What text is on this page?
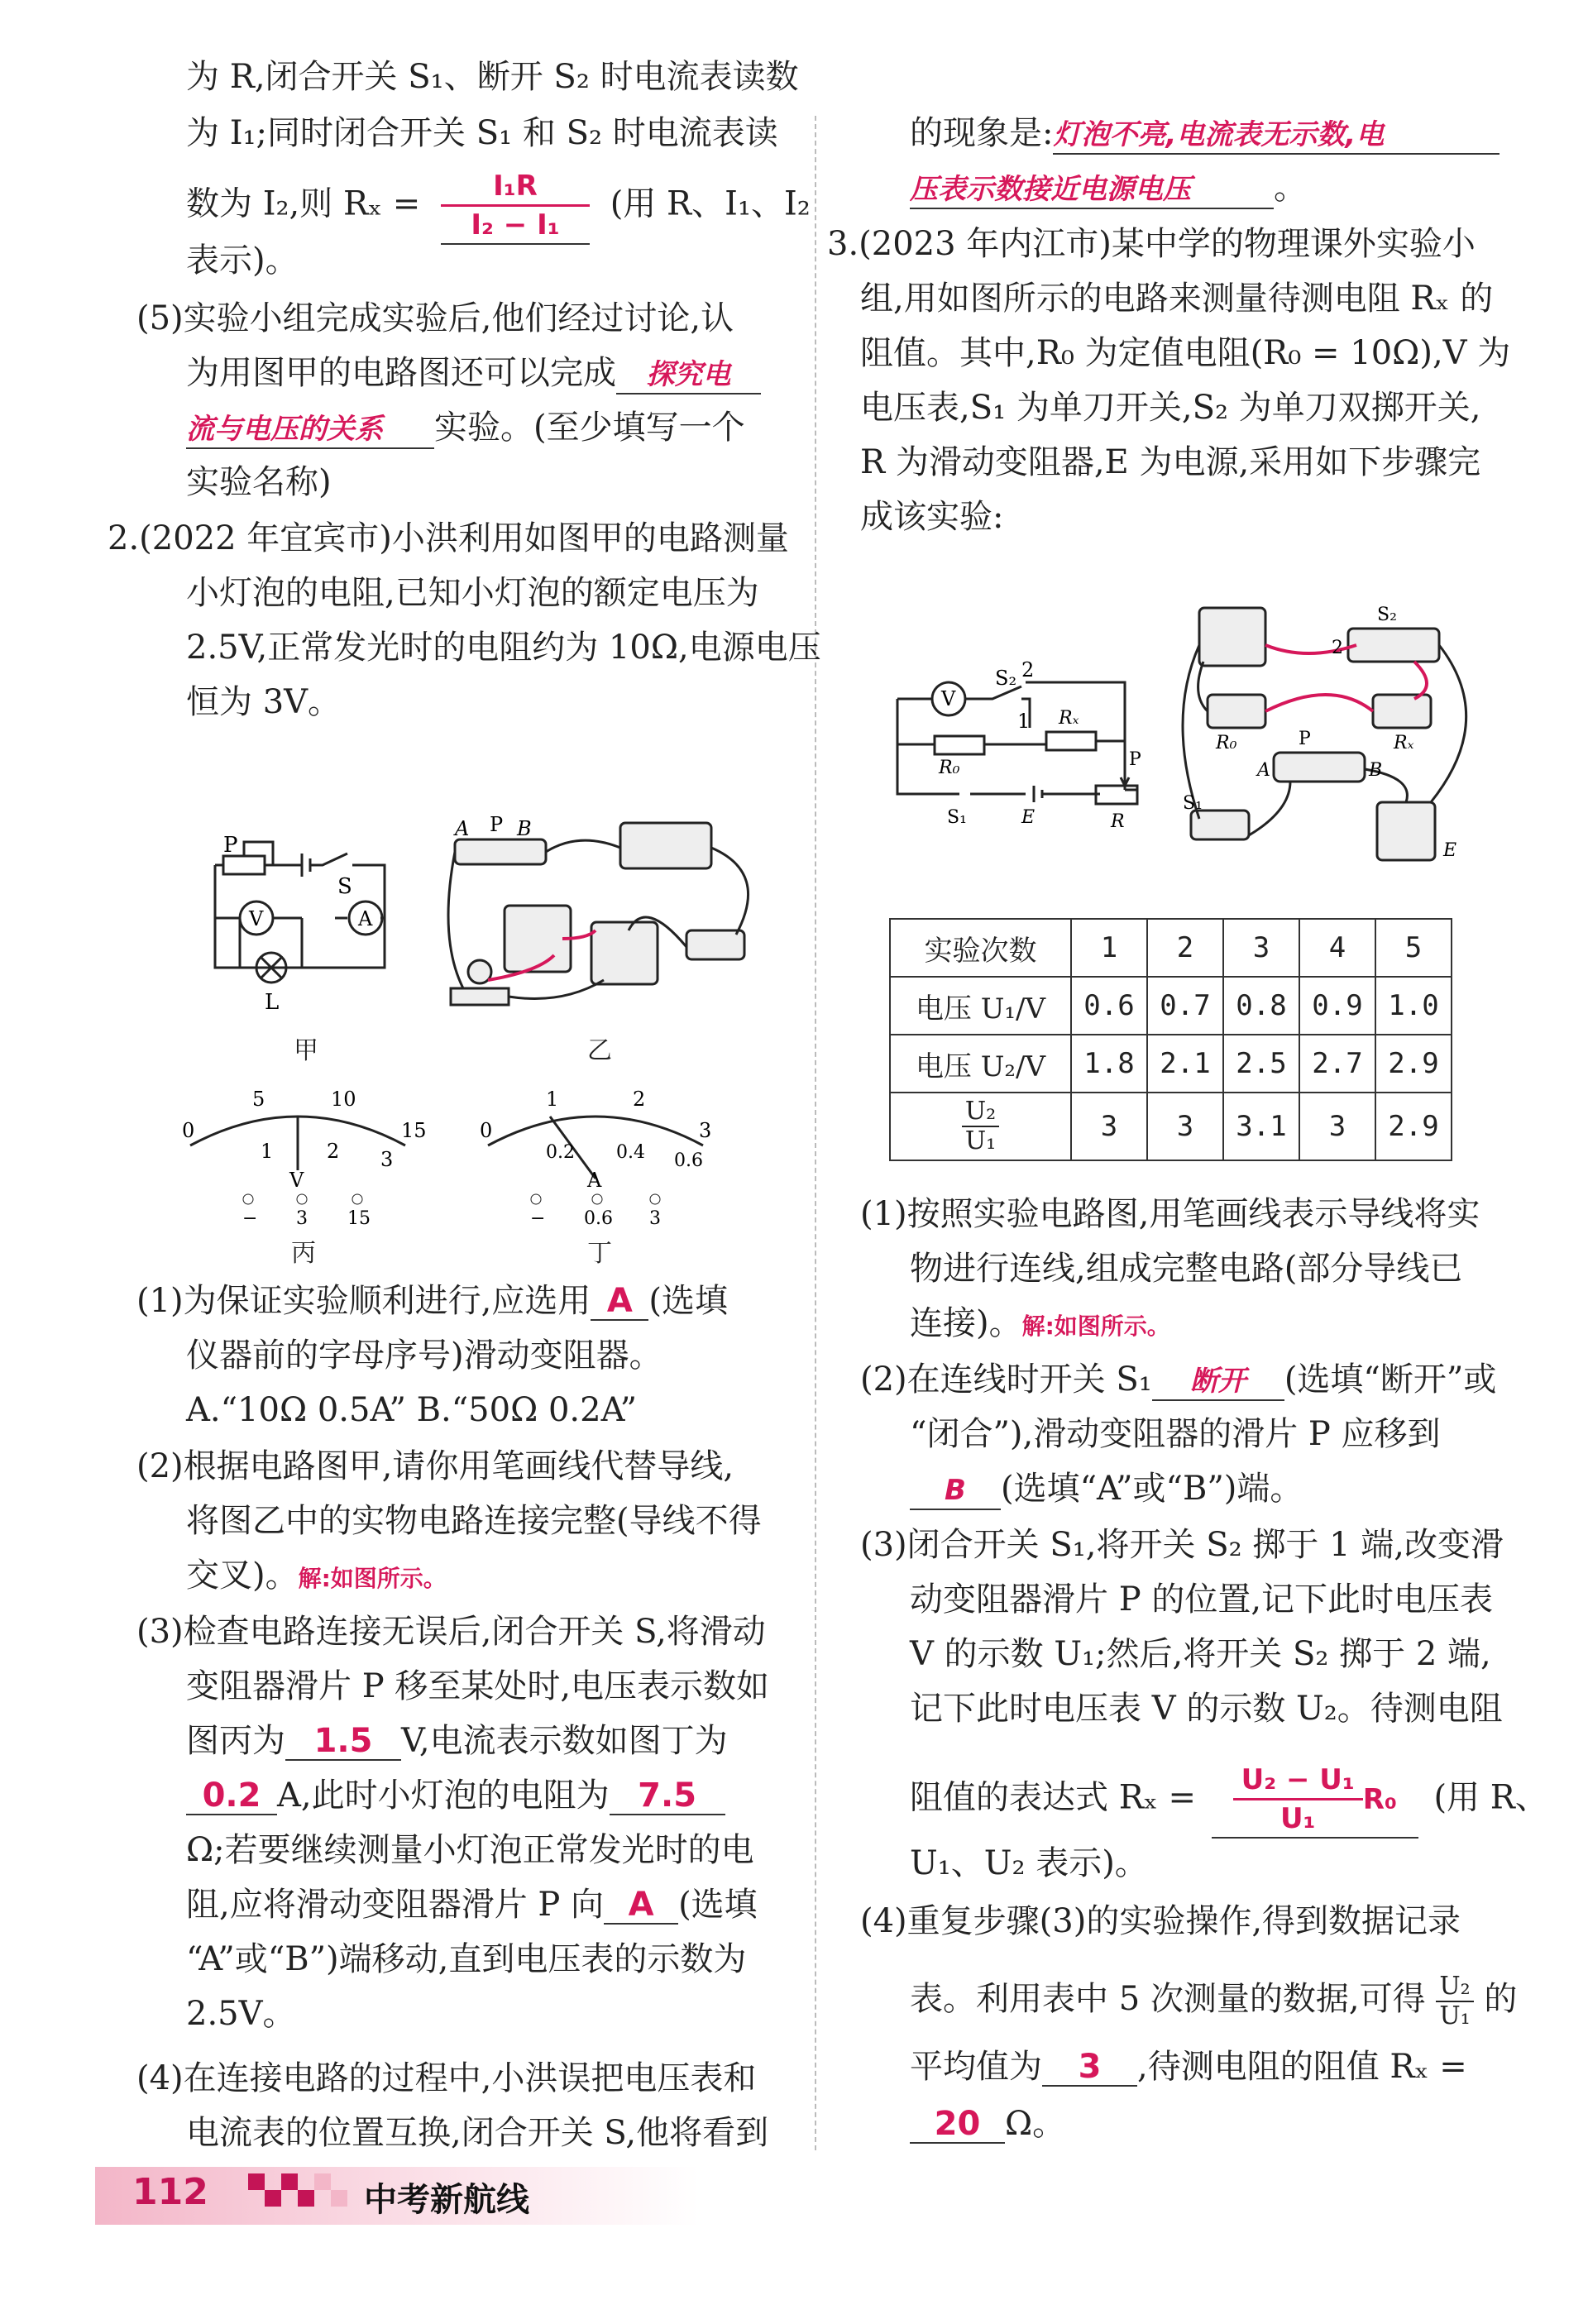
为 R,闭合开关 S₁、断开 S₂ 时电流表读数
为 I₁;同时闭合开关 S₁ 和 S₂ 时电流表读
数为 I₂,则 $R_x = \frac{\text{I₁R}}{\text{I₂ − I₁}}$ (用 R、I₁、I₂
表示)。
(5)实验小组完成实验后,他们经过讨论,认
为用图甲的电路图还可以完成 探究电
流与电压的关系 实验。(至少填写一个
实验名称)
2.(2022 年宜宾市)小洪利用如图甲的电路测量
小灯泡的电阻,已知小灯泡的额定电压为
2.5V,正常发光时的电阻约为 10Ω,电源电压
恒为 3V。
P
S
V	A
L
甲
A P B
乙
0
5	10
15
1	2 3
V
− 3 15
丙
0
1	2
3
0.2 0.4 0.6
A
− 0.6 3
丁
(1)为保证实验顺利进行,应选用 A (选填
仪器前的字母序号)滑动变阻器。
A.“10Ω 0.5A” B.“50Ω 0.2A”
(2)根据电路图甲,请你用笔画线代替导线,
将图乙中的实物电路连接完整(导线不得
交叉)。解:如图所示。
(3)检查电路连接无误后,闭合开关 S,将滑动
变阻器滑片 P 移至某处时,电压表示数如
图丙为 1.5 V,电流表示数如图丁为
0.2 A,此时小灯泡的电阻为 7.5
Ω;若要继续测量小灯泡正常发光时的电
阻,应将滑动变阻器滑片 P 向 A (选填
“A”或“B”)端移动,直到电压表的示数为
2.5V。
(4)在连接电路的过程中,小洪误把电压表和
电流表的位置互换,闭合开关 S,他将看到
的现象是:灯泡不亮,电流表无示数,电
压表示数接近电源电压	。
3.(2023 年内江市)某中学的物理课外实验小
组,用如图所示的电路来测量待测电阻 Rₓ 的
阻值。其中,R₀ 为定值电阻(R₀ = 10Ω),V 为
电压表,S₁ 为单刀开关,S₂ 为单刀双掷开关,
R 为滑动变阻器,E 为电源,采用如下步骤完
成该实验:
V
S₂ 2
1 Rₓ
R₀	P
S₁	E	R
S₂
2
R₀	Rₓ
P
A	B
S₁
E
实验次数	1	2	3	4	5
电压 U₁/V	0.6	0.7	0.8	0.9	1.0
电压 U₂/V	1.8	2.1	2.5	2.7	2.9

$\frac{\text{U₂}}{\text{U₁}}$	3	3	3.1	3	2.9
(1)按照实验电路图,用笔画线表示导线将实
物进行连线,组成完整电路(部分导线已
连接)。解:如图所示。
(2)在连线时开关 S₁ 断开 (选填“断开”或
“闭合”),滑动变阻器的滑片 P 应移到
B (选填“A”或“B”)端。
(3)闭合开关 S₁,将开关 S₂ 掷于 1 端,改变滑
动变阻器滑片 P 的位置,记下此时电压表
V 的示数 U₁;然后,将开关 S₂ 掷于 2 端,
记下此时电压表 V 的示数 U₂。待测电阻
阻值的表达式 $R_x = \frac{\text{U₂ − U₁}}{\text{U₁}} R_0$ (用 R、
U₁、U₂ 表示)。
(4)重复步骤(3)的实验操作,得到数据记录
表。利用表中 5 次测量的数据,可得 $\frac{\text{U₂}}{\text{U₁}}$ 的
平均值为 3 ,待测电阻的阻值 Rₓ =
20 Ω。
112	中考新航线
